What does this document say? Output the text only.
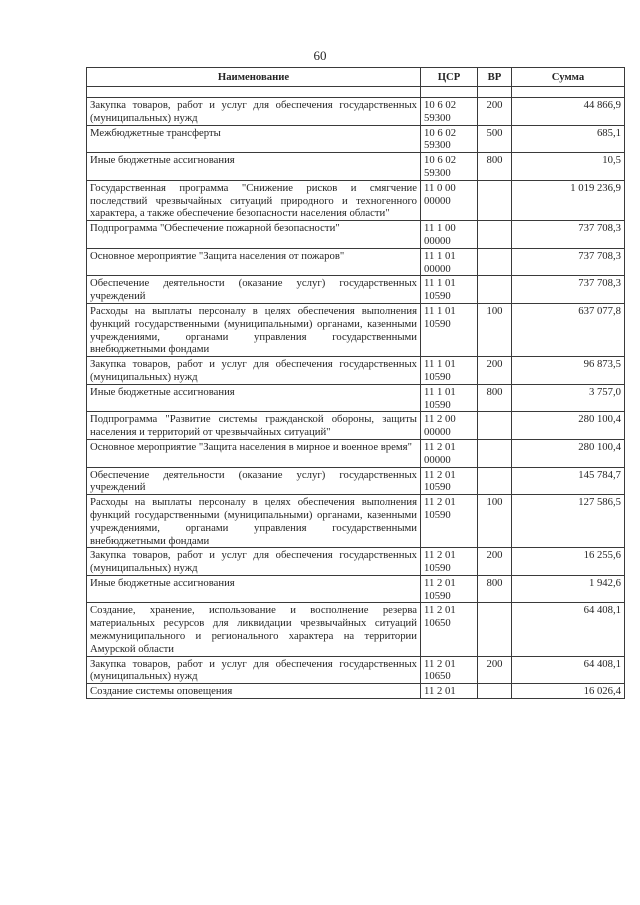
60
Наименование	ЦСР	ВР	Сумма

Закупка товаров, работ и услуг для обеспечения государственных (муниципальных) нужд	10 6 02 59300	200	44 866,9
Межбюджетные трансферты	10 6 02 59300	500	685,1
Иные бюджетные ассигнования	10 6 02 59300	800	10,5
Государственная программа "Снижение рисков и смягчение последствий чрезвычайных ситуаций природного и техногенного характера, а также обеспечение безопасности населения области"	11 0 00 00000		1 019 236,9
Подпрограмма "Обеспечение пожарной безопасности"	11 1 00 00000		737 708,3
Основное мероприятие "Защита населения от пожаров"	11 1 01 00000		737 708,3
Обеспечение деятельности (оказание услуг) государственных учреждений	11 1 01 10590		737 708,3
Расходы на выплаты персоналу в целях обеспечения выполнения функций государственными (муниципальными) органами, казенными учреждениями, органами управления государственными внебюджетными фондами	11 1 01 10590	100	637 077,8
Закупка товаров, работ и услуг для обеспечения государственных (муниципальных) нужд	11 1 01 10590	200	96 873,5
Иные бюджетные ассигнования	11 1 01 10590	800	3 757,0
Подпрограмма "Развитие системы гражданской обороны, защиты населения и территорий от чрезвычайных ситуаций"	11 2 00 00000		280 100,4
Основное мероприятие "Защита населения в мирное и военное время"	11 2 01 00000		280 100,4
Обеспечение деятельности (оказание услуг) государственных учреждений	11 2 01 10590		145 784,7
Расходы на выплаты персоналу в целях обеспечения выполнения функций государственными (муниципальными) органами, казенными учреждениями, органами управления государственными внебюджетными фондами	11 2 01 10590	100	127 586,5
Закупка товаров, работ и услуг для обеспечения государственных (муниципальных) нужд	11 2 01 10590	200	16 255,6
Иные бюджетные ассигнования	11 2 01 10590	800	1 942,6
Создание, хранение, использование и восполнение резерва материальных ресурсов для ликвидации чрезвычайных ситуаций межмуниципального и регионального характера на территории Амурской области	11 2 01 10650		64 408,1
Закупка товаров, работ и услуг для обеспечения государственных (муниципальных) нужд	11 2 01 10650	200	64 408,1
Создание системы оповещения	11 2 01		16 026,4
